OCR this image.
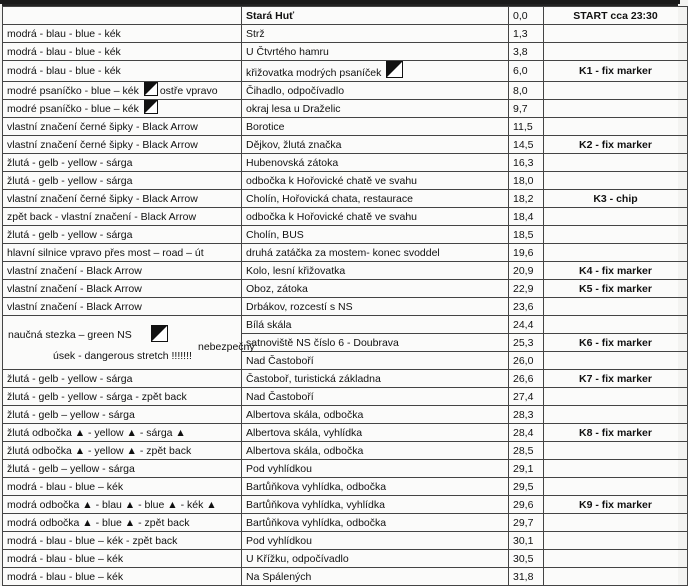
	Stará Huť	0,0	START cca 23:30
modrá - blau - blue - kék	Strž	1,3	
modrá - blau - blue - kék	U Čtvrtého hamru	3,8	
modrá - blau - blue - kék	křižovatka modrých psaníček	6,0	K1 - fix marker
modré psaníčko - blue – kék ostře vpravo	Čihadlo, odpočívadlo	8,0	
modré psaníčko - blue – kék	okraj lesa u Draželic	9,7	
vlastní značení černé šipky - Black Arrow	Borotice	11,5	
vlastní značení černé šipky - Black Arrow	Dějkov, žlutá značka	14,5	K2 - fix marker
žlutá - gelb - yellow - sárga	Hubenovská zátoka	16,3	
žlutá - gelb - yellow - sárga	odbočka k Hořovické chatě ve svahu	18,0	
vlastní značení černé šipky - Black Arrow	Cholín, Hořovická chata, restaurace	18,2	K3 - chip
zpět back - vlastní značení - Black Arrow	odbočka k Hořovické chatě ve svahu	18,4	
žlutá - gelb - yellow - sárga	Cholín, BUS	18,5	
hlavní silnice vpravo přes most – road – út	druhá zatáčka za mostem- konec svoddel	19,6	
vlastní značení - Black Arrow	Kolo, lesní křižovatka	20,9	K4 - fix marker
vlastní značení - Black Arrow	Oboz, zátoka	22,9	K5 - fix marker
vlastní značení - Black Arrow	Drbákov, rozcestí s NS	23,6	

naučná stezka – green NS
nebezpečný
úsek - dangerous stretch !!!!!!!	Bílá skála	24,4	
	satnoviště NS číslo 6 - Doubrava	25,3	K6 - fix marker
	Nad Častoboří	26,0	
žlutá - gelb - yellow - sárga	Častoboř, turistická základna	26,6	K7 - fix marker
žlutá - gelb - yellow - sárga - zpět back	Nad Častoboří	27,4	
žlutá - gelb – yellow - sárga	Albertova skála, odbočka	28,3	
žlutá odbočka ▲ - yellow ▲ - sárga ▲	Albertova skála, vyhlídka	28,4	K8 - fix marker
žlutá odbočka ▲ - yellow ▲ - zpět back	Albertova skála, odbočka	28,5	
žlutá - gelb – yellow - sárga	Pod vyhlídkou	29,1	
modrá - blau - blue – kék	Bartůňkova vyhlídka, odbočka	29,5	
modrá odbočka ▲ - blau ▲ - blue ▲ - kék ▲	Bartůňkova vyhlídka, vyhlídka	29,6	K9 - fix marker
modrá odbočka ▲ - blue ▲ - zpět back	Bartůňkova vyhlídka, odbočka	29,7	
modrá - blau - blue – kék - zpět back	Pod vyhlídkou	30,1	
modrá - blau - blue – kék	U Křížku, odpočívadlo	30,5	
modrá - blau - blue – kék	Na Spálených	31,8	
